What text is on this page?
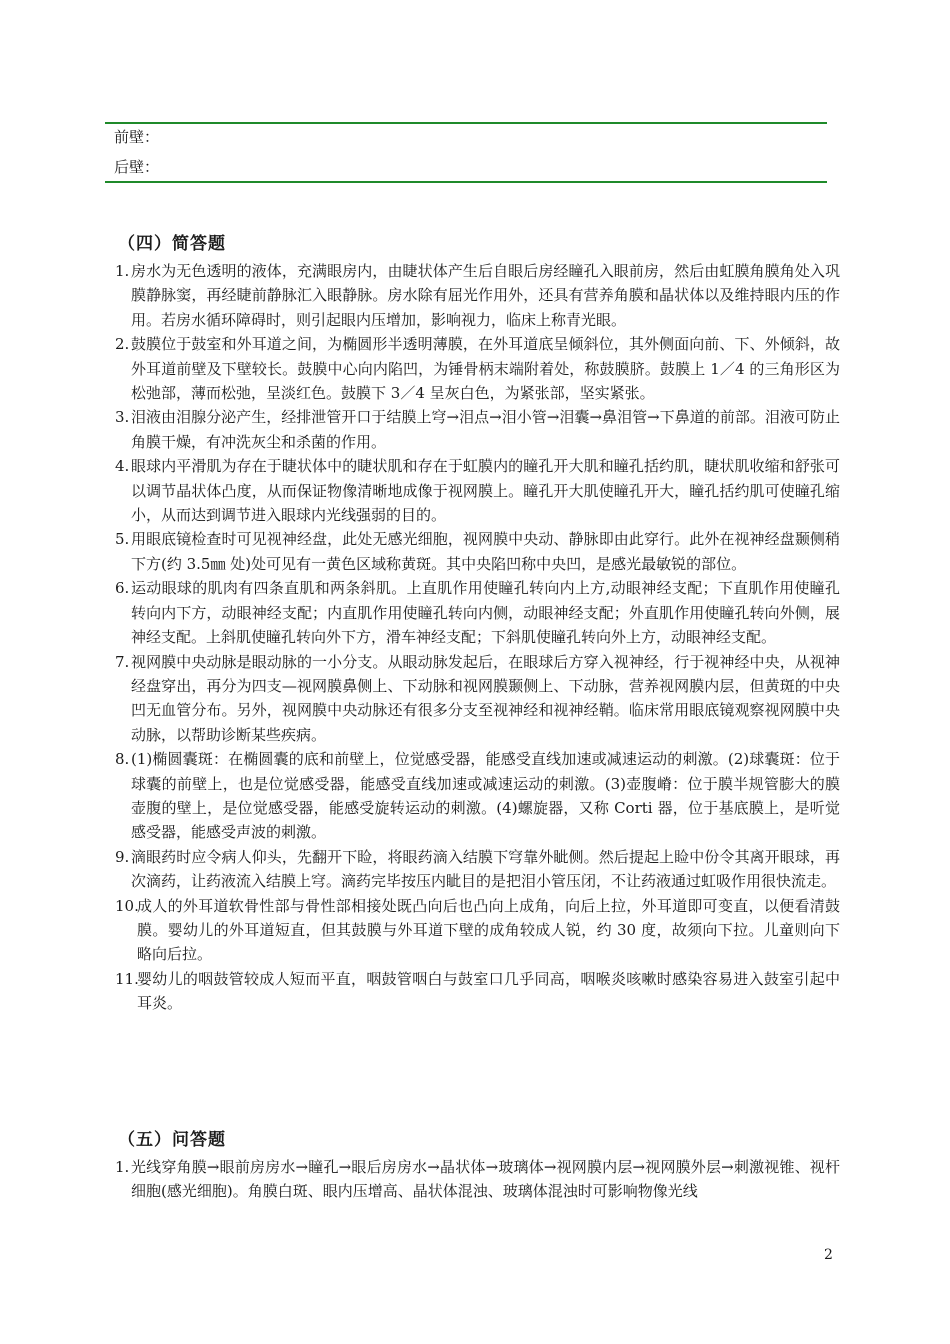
前壁：
后壁：
（四）简答题
1. 房水为无色透明的液体，充满眼房内，由睫状体产生后自眼后房经瞳孔入眼前房，然后由虹膜角膜角处入巩膜静脉窦，再经睫前静脉汇入眼静脉。房水除有屈光作用外，还具有营养角膜和晶状体以及维持眼内压的作用。若房水循环障碍时，则引起眼内压增加，影响视力，临床上称青光眼。
2. 鼓膜位于鼓室和外耳道之间，为椭圆形半透明薄膜，在外耳道底呈倾斜位，其外侧面向前、下、外倾斜，故外耳道前壁及下壁较长。鼓膜中心向内陷凹，为锤骨柄末端附着处，称鼓膜脐。鼓膜上 1／4 的三角形区为松弛部，薄而松弛，呈淡红色。鼓膜下 3／4 呈灰白色，为紧张部，坚实紧张。
3. 泪液由泪腺分泌产生，经排泄管开口于结膜上穹→泪点→泪小管→泪囊→鼻泪管→下鼻道的前部。泪液可防止角膜干燥，有冲洗灰尘和杀菌的作用。
4. 眼球内平滑肌为存在于睫状体中的睫状肌和存在于虹膜内的瞳孔开大肌和瞳孔括约肌，睫状肌收缩和舒张可以调节晶状体凸度，从而保证物像清晰地成像于视网膜上。瞳孔开大肌使瞳孔开大，瞳孔括约肌可使瞳孔缩小，从而达到调节进入眼球内光线强弱的目的。
5. 用眼底镜检查时可见视神经盘，此处无感光细胞，视网膜中央动、静脉即由此穿行。此外在视神经盘颞侧稍下方(约 3.5㎜ 处)处可见有一黄色区域称黄斑。其中央陷凹称中央凹，是感光最敏锐的部位。
6. 运动眼球的肌肉有四条直肌和两条斜肌。上直肌作用使瞳孔转向内上方,动眼神经支配；下直肌作用使瞳孔转向内下方，动眼神经支配；内直肌作用使瞳孔转向内侧，动眼神经支配；外直肌作用使瞳孔转向外侧，展神经支配。上斜肌使瞳孔转向外下方，滑车神经支配；下斜肌使瞳孔转向外上方，动眼神经支配。
7. 视网膜中央动脉是眼动脉的一小分支。从眼动脉发起后，在眼球后方穿入视神经，行于视神经中央，从视神经盘穿出，再分为四支—视网膜鼻侧上、下动脉和视网膜颞侧上、下动脉，营养视网膜内层，但黄斑的中央凹无血管分布。另外，视网膜中央动脉还有很多分支至视神经和视神经鞘。临床常用眼底镜观察视网膜中央动脉，以帮助诊断某些疾病。
8. (1)椭圆囊斑：在椭圆囊的底和前壁上，位觉感受器，能感受直线加速或减速运动的刺激。(2)球囊斑：位于球囊的前壁上，也是位觉感受器，能感受直线加速或减速运动的刺激。(3)壶腹嵴：位于膜半规管膨大的膜壶腹的壁上，是位觉感受器，能感受旋转运动的刺激。(4)螺旋器，又称 Corti 器，位于基底膜上，是听觉感受器，能感受声波的刺激。
9. 滴眼药时应令病人仰头，先翻开下睑，将眼药滴入结膜下穹靠外眦侧。然后提起上睑中份令其离开眼球，再次滴药，让药液流入结膜上穹。滴药完毕按压内眦目的是把泪小管压闭，不让药液通过虹吸作用很快流走。
10.
成人的外耳道软骨性部与骨性部相接处既凸向后也凸向上成角，向后上拉，外耳道即可变直，以便看清鼓膜。婴幼儿的外耳道短直，但其鼓膜与外耳道下壁的成角较成人锐，约 30 度，故须向下拉。儿童则向下略向后拉。
11.
婴幼儿的咽鼓管较成人短而平直，咽鼓管咽白与鼓室口几乎同高，咽喉炎咳嗽时感染容易进入鼓室引起中耳炎。
（五）问答题
1. 光线穿角膜→眼前房房水→瞳孔→眼后房房水→晶状体→玻璃体→视网膜内层→视网膜外层→刺激视锥、视杆细胞(感光细胞)。角膜白斑、眼内压增高、晶状体混浊、玻璃体混浊时可影响物像光线
2
